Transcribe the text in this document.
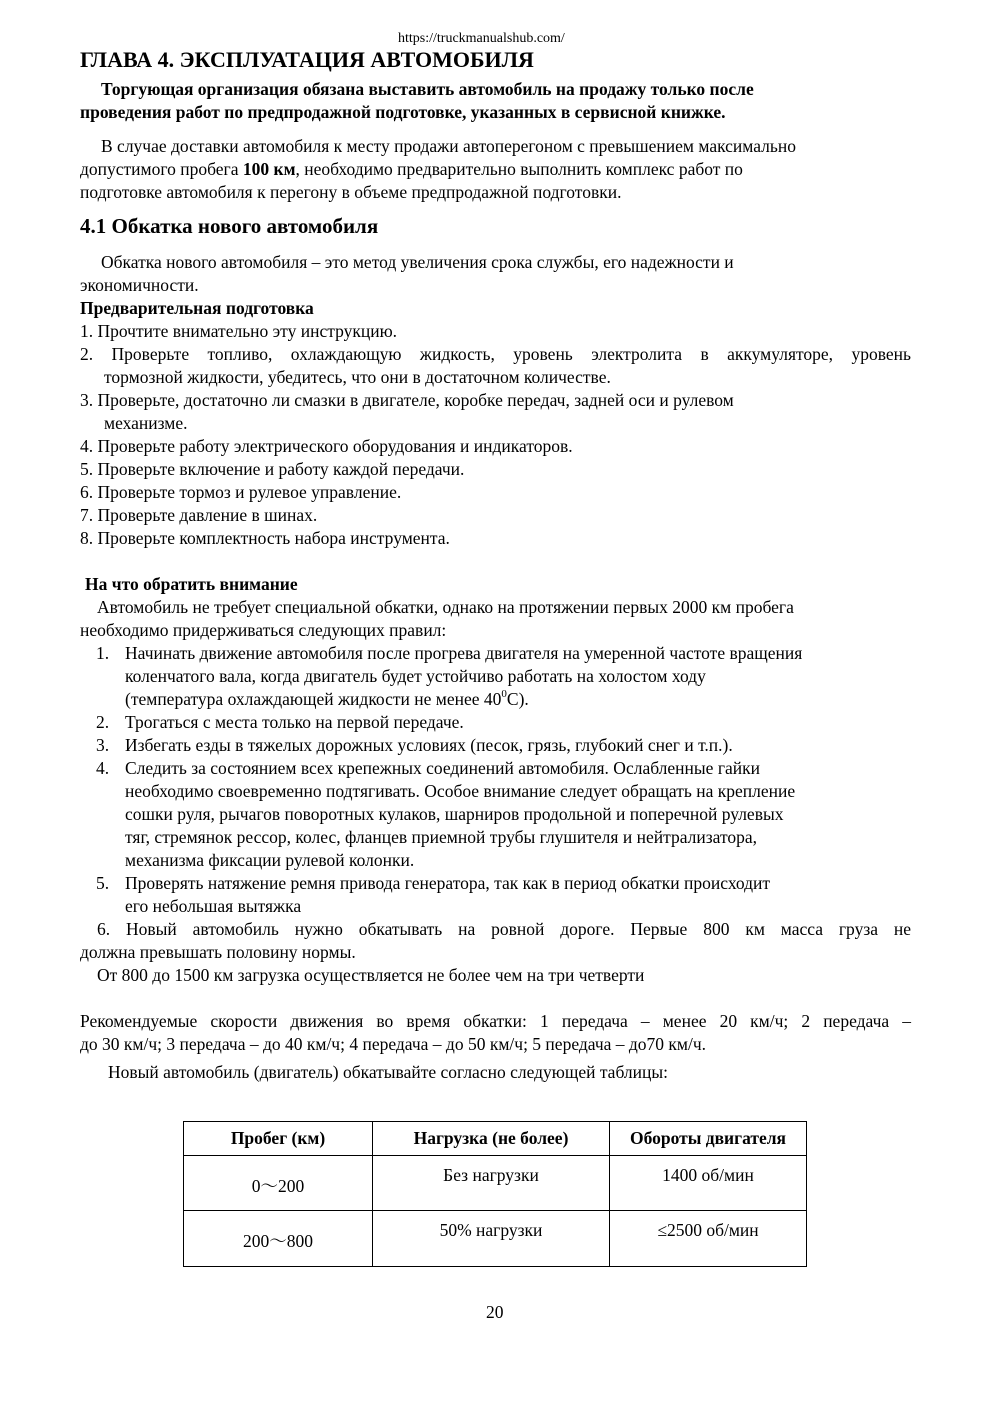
https://truckmanualshub.com/
ГЛАВА 4. ЭКСПЛУАТАЦИЯ АВТОМОБИЛЯ
Торгующая организация обязана выставить автомобиль на продажу только после
проведения работ по предпродажной подготовке, указанных в сервисной книжке.
В случае доставки автомобиля к месту продажи автоперегоном с превышением максимально
допустимого пробега 100 км, необходимо предварительно выполнить комплекс работ по
подготовке автомобиля к перегону в объеме предпродажной подготовки.
4.1 Обкатка нового автомобиля
Обкатка нового автомобиля – это метод увеличения срока службы, его надежности и
экономичности.
Предварительная подготовка
1. Прочтите внимательно эту инструкцию.
2. Проверьте топливо, охлаждающую жидкость, уровень электролита в аккумуляторе, уровень
тормозной жидкости, убедитесь, что они в достаточном количестве.
3. Проверьте, достаточно ли смазки в двигателе, коробке передач, задней оси и рулевом
механизме.
4. Проверьте работу электрического оборудования и индикаторов.
5. Проверьте включение и работу каждой передачи.
6. Проверьте тормоз и рулевое управление.
7. Проверьте давление в шинах.
8. Проверьте комплектность набора инструмента.
На что обратить внимание
Автомобиль не требует специальной обкатки, однако на протяжении первых 2000 км пробега
необходимо придерживаться следующих правил:
1. Начинать движение автомобиля после прогрева двигателя на умеренной частоте вращения
коленчатого вала, когда двигатель будет устойчиво работать на холостом ходу
(температура охлаждающей жидкости не менее $40^0С$).
2. Трогаться с места только на первой передаче.
3. Избегать езды в тяжелых дорожных условиях (песок, грязь, глубокий снег и т.п.).
4. Следить за состоянием всех крепежных соединений автомобиля. Ослабленные гайки
необходимо своевременно подтягивать. Особое внимание следует обращать на крепление
сошки руля, рычагов поворотных кулаков, шарниров продольной и поперечной рулевых
тяг, стремянок рессор, колес, фланцев приемной трубы глушителя и нейтрализатора,
механизма фиксации рулевой колонки.
5. Проверять натяжение ремня привода генератора, так как в период обкатки происходит
его небольшая вытяжка
6. Новый автомобиль нужно обкатывать на ровной дороге. Первые 800 км масса груза не
должна превышать половину нормы.
От 800 до 1500 км загрузка осуществляется не более чем на три четверти
Рекомендуемые скорости движения во время обкатки: 1 передача – менее 20 км/ч; 2 передача –
до 30 км/ч; 3 передача – до 40 км/ч; 4 передача – до 50 км/ч; 5 передача – до70 км/ч.
Новый автомобиль (двигатель) обкатывайте согласно следующей таблицы:
Пробег (км)	Нагрузка (не более)	Обороты двигателя
0～200	Без нагрузки	1400 об/мин
200～800	50% нагрузки	≤2500 об/мин
20
